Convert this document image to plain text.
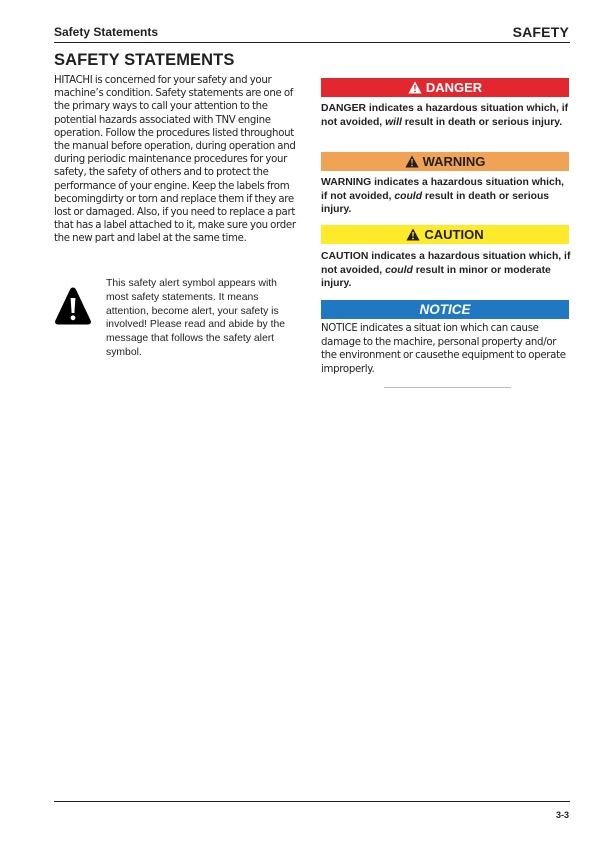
Safety Statements	SAFETY
SAFETY STATEMENTS

HITACHI is concerned for your safety and your machine’s condition. Safety statements are one of the primary ways to call your attention to the potential hazards associated with TNV engine operation. Follow the procedures listed throughout the manual before operation, during operation and during periodic maintenance procedures for your safety, the safety of others and to protect the performance of your engine. Keep the labels from becomingdirty or torn and replace them if they are lost or damaged. Also, if you need to replace a part that has a label attached to it, make sure you order the new part and label at the same time.

This safety alert symbol appears with most safety statements. It means attention, become alert, your safety is involved! Please read and abide by the message that follows the safety alert symbol.

DANGER

DANGER indicates a hazardous situation which, if not avoided, will result in death or serious injury.

WARNING

WARNING indicates a hazardous situation which, if not avoided, could result in death or serious injury.

CAUTION

CAUTION indicates a hazardous situation which, if not avoided, could result in minor or moderate injury.

NOTICE

NOTICE indicates a situat ion which can cause damage to the machire, personal property and/or the environment or causethe equipment to operate improperly.

3-3
